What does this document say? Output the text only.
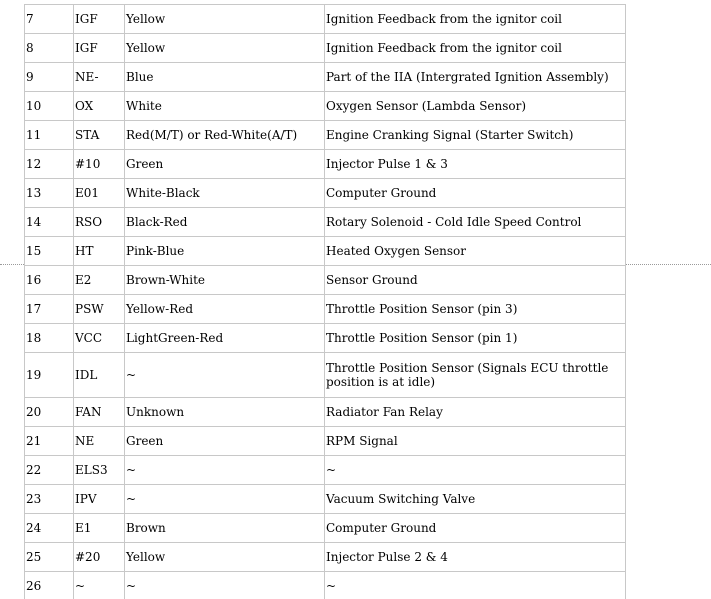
7	IGF	Yellow	Ignition Feedback from the ignitor coil
8	IGF	Yellow	Ignition Feedback from the ignitor coil
9	NE-	Blue	Part of the IIA (Intergrated Ignition Assembly)
10	OX	White	Oxygen Sensor (Lambda Sensor)
11	STA	Red(M/T) or Red-White(A/T)	Engine Cranking Signal (Starter Switch)
12	#10	Green	Injector Pulse 1 & 3
13	E01	White-Black	Computer Ground
14	RSO	Black-Red	Rotary Solenoid - Cold Idle Speed Control
15	HT	Pink-Blue	Heated Oxygen Sensor
16	E2	Brown-White	Sensor Ground
17	PSW	Yellow-Red	Throttle Position Sensor (pin 3)
18	VCC	LightGreen-Red	Throttle Position Sensor (pin 1)
19	IDL	~	Throttle Position Sensor (Signals ECU throttle position is at idle)
20	FAN	Unknown	Radiator Fan Relay
21	NE	Green	RPM Signal
22	ELS3	~	~
23	IPV	~	Vacuum Switching Valve
24	E1	Brown	Computer Ground
25	#20	Yellow	Injector Pulse 2 & 4
26	~	~	~
